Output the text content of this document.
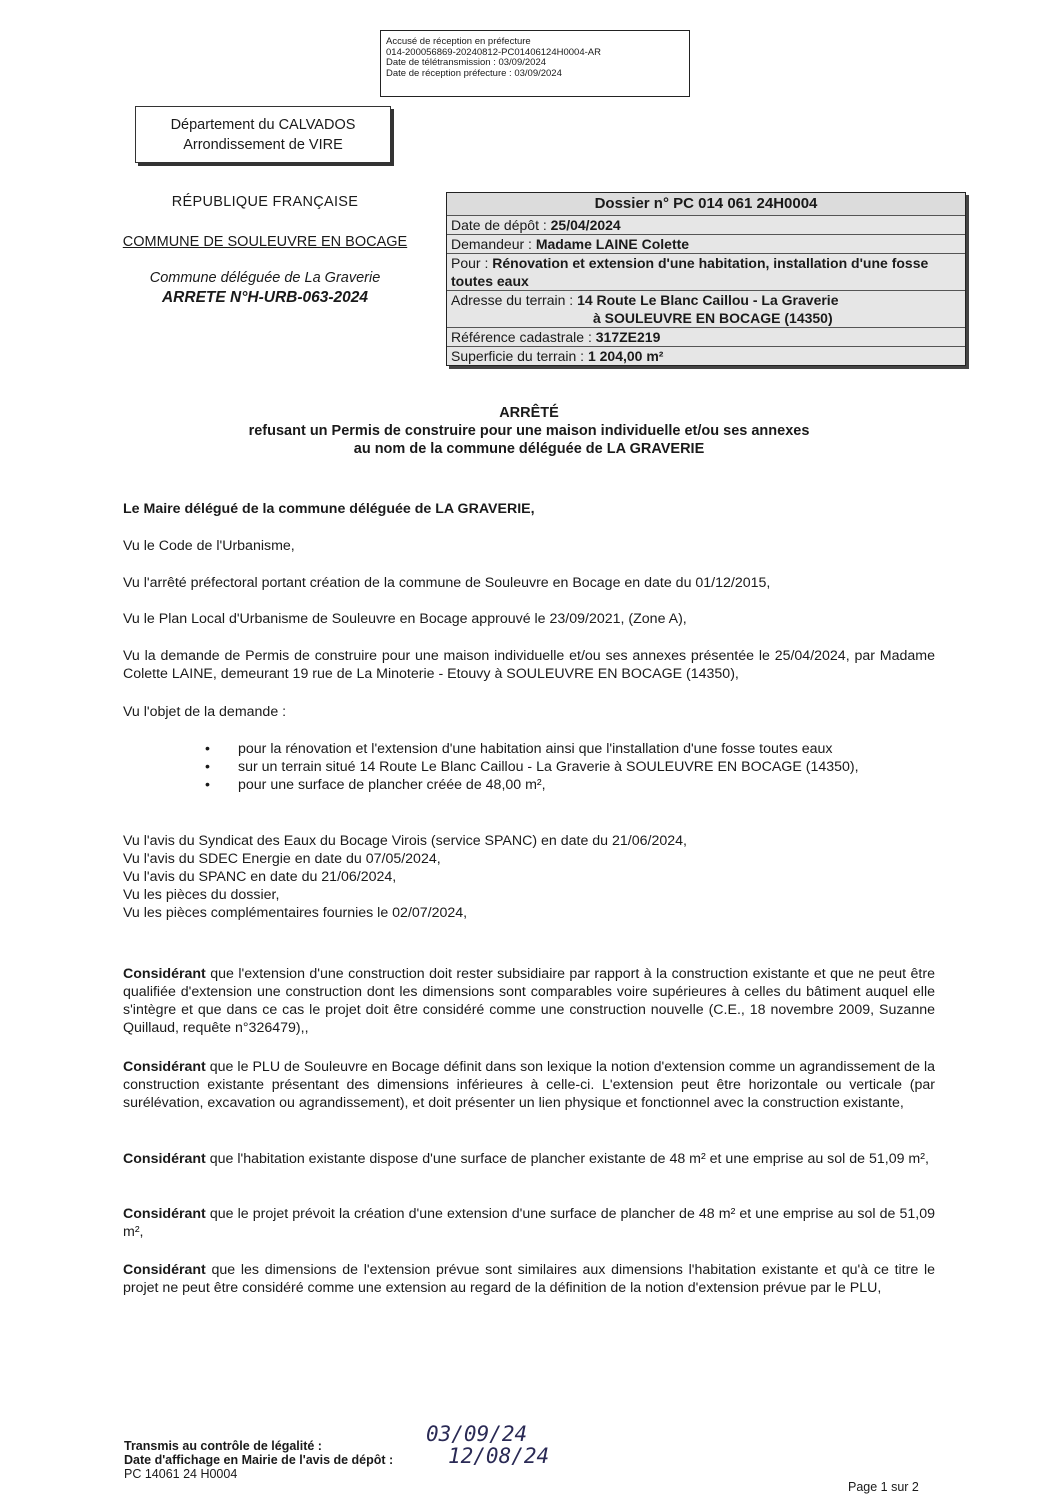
Accusé de réception en préfecture
014-200056869-20240812-PC01406124H0004-AR
Date de télétransmission : 03/09/2024
Date de réception préfecture : 03/09/2024
Département du CALVADOS
Arrondissement de VIRE
RÉPUBLIQUE FRANÇAISE
COMMUNE DE SOULEUVRE EN BOCAGE
Commune déléguée de La Graverie
ARRETE N°H-URB-063-2024
Dossier n° PC 014 061 24H0004
Date de dépôt : 25/04/2024
Demandeur : Madame LAINE Colette
Pour : Rénovation et extension d'une habitation, installation d'une fosse toutes eaux
Adresse du terrain : 14 Route Le Blanc Caillou - La Graverie
à SOULEUVRE EN BOCAGE (14350)
Référence cadastrale : 317ZE219
Superficie du terrain : 1 204,00 m²
ARRÊTÉ
refusant un Permis de construire pour une maison individuelle et/ou ses annexes
au nom de la commune déléguée de LA GRAVERIE
Le Maire délégué de la commune déléguée de LA GRAVERIE,
Vu le Code de l'Urbanisme,
Vu l'arrêté préfectoral portant création de la commune de Souleuvre en Bocage en date du 01/12/2015,
Vu le Plan Local d'Urbanisme de Souleuvre en Bocage approuvé le 23/09/2021, (Zone A),
Vu la demande de Permis de construire pour une maison individuelle et/ou ses annexes présentée le 25/04/2024, par Madame Colette LAINE, demeurant 19 rue de La Minoterie - Etouvy à SOULEUVRE EN BOCAGE (14350),
Vu l'objet de la demande :

• pour la rénovation et l'extension d'une habitation ainsi que l'installation d'une fosse toutes eaux

• sur un terrain situé 14 Route Le Blanc Caillou - La Graverie à SOULEUVRE EN BOCAGE (14350),

• pour une surface de plancher créée de 48,00 m²,

Vu l'avis du Syndicat des Eaux du Bocage Virois (service SPANC) en date du 21/06/2024,
Vu l'avis du SDEC Energie en date du 07/05/2024,
Vu l'avis du SPANC en date du 21/06/2024,
Vu les pièces du dossier,
Vu les pièces complémentaires fournies le 02/07/2024,

Considérant que l'extension d'une construction doit rester subsidiaire par rapport à la construction existante et que ne peut être qualifiée d'extension une construction dont les dimensions sont comparables voire supérieures à celles du bâtiment auquel elle s'intègre et que dans ce cas le projet doit être considéré comme une construction nouvelle (C.E., 18 novembre 2009, Suzanne Quillaud, requête n°326479),,

Considérant que le PLU de Souleuvre en Bocage définit dans son lexique la notion d'extension comme un agrandissement de la construction existante présentant des dimensions inférieures à celle-ci. L'extension peut être horizontale ou verticale (par surélévation, excavation ou agrandissement), et doit présenter un lien physique et fonctionnel avec la construction existante,

Considérant que l'habitation existante dispose d'une surface de plancher existante de 48 m² et une emprise au sol de 51,09 m²,

Considérant que le projet prévoit la création d'une extension d'une surface de plancher de 48 m² et une emprise au sol de 51,09 m²,

Considérant que les dimensions de l'extension prévue sont similaires aux dimensions l'habitation existante et qu'à ce titre le projet ne peut être considéré comme une extension au regard de la définition de la notion d'extension prévue par le PLU,

Transmis au contrôle de légalité :
Date d'affichage en Mairie de l'avis de dépôt :
PC 14061 24 H0004
03/09/24
12/08/24
Page 1 sur 2
